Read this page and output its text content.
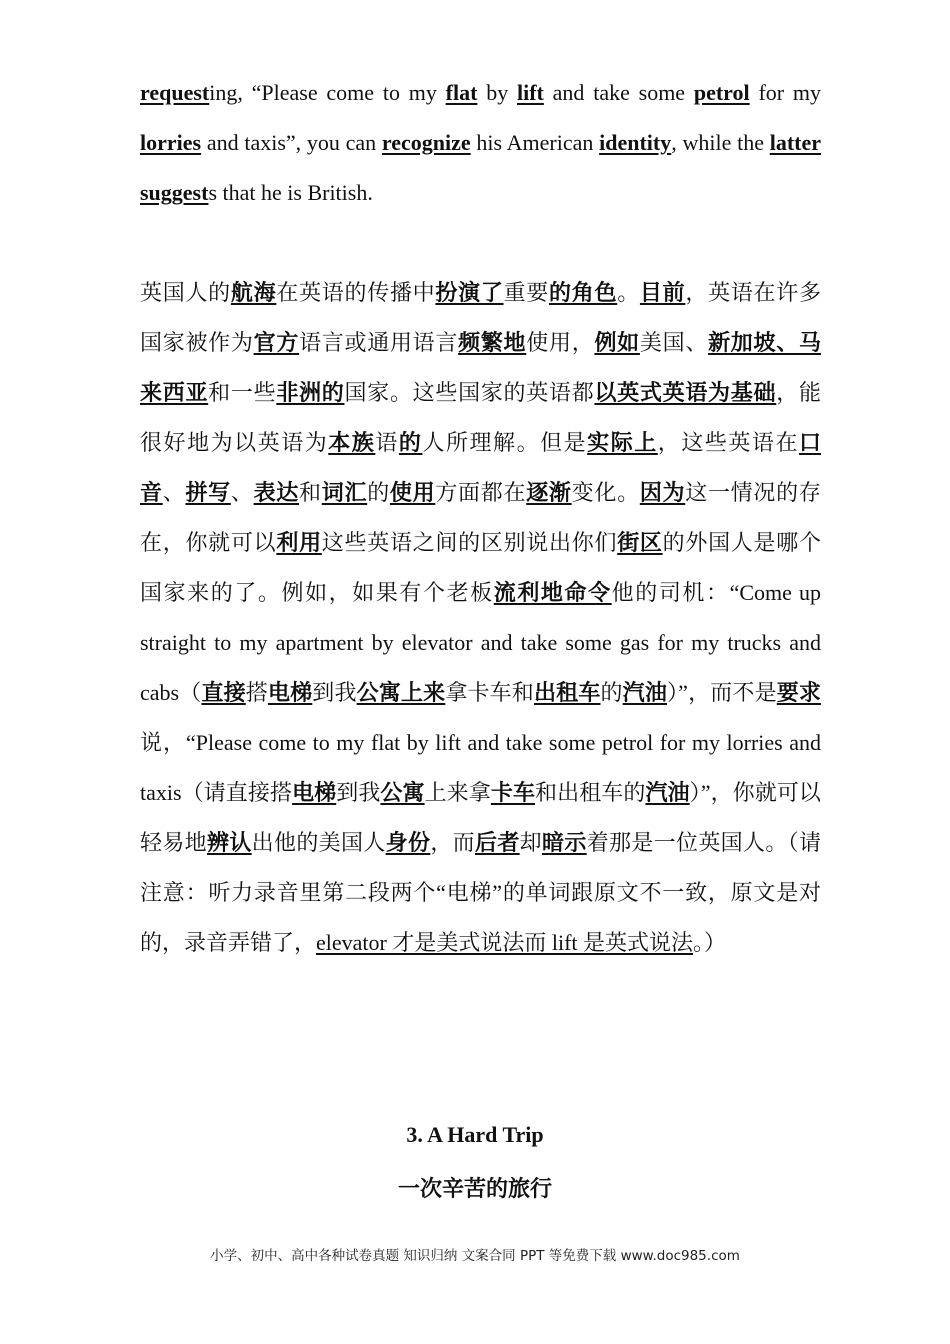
requesting, “Please come to my flat by lift and take some petrol for my lorries and taxis”, you can recognize his American identity, while the latter suggests that he is British.

英国人的航海在英语的传播中扮演了重要的角色。目前，英语在许多国家被作为官方语言或通用语言频繁地使用，例如美国、新加坡、马来西亚和一些非洲的国家。这些国家的英语都以英式英语为基础，能很好地为以英语为本族语的人所理解。但是实际上，这些英语在口音、拼写、表达和词汇的使用方面都在逐渐变化。因为这一情况的存在，你就可以利用这些英语之间的区别说出你们街区的外国人是哪个国家来的了。例如，如果有个老板流利地命令他的司机：“Come up straight to my apartment by elevator and take some gas for my trucks and cabs（直接搭电梯到我公寓上来拿卡车和出租车的汽油）”，而不是要求说，“Please come to my flat by lift and take some petrol for my lorries and taxis（请直接搭电梯到我公寓上来拿卡车和出租车的汽油）”，你就可以轻易地辨认出他的美国人身份，而后者却暗示着那是一位英国人。（请注意：听力录音里第二段两个“电梯”的单词跟原文不一致，原文是对的，录音弄错了，elevator 才是美式说法而 lift 是英式说法。）

3. A Hard Trip

一次辛苦的旅行

小学、初中、高中各种试卷真题 知识归纳 文案合同 PPT 等免费下载 www.doc985.com
